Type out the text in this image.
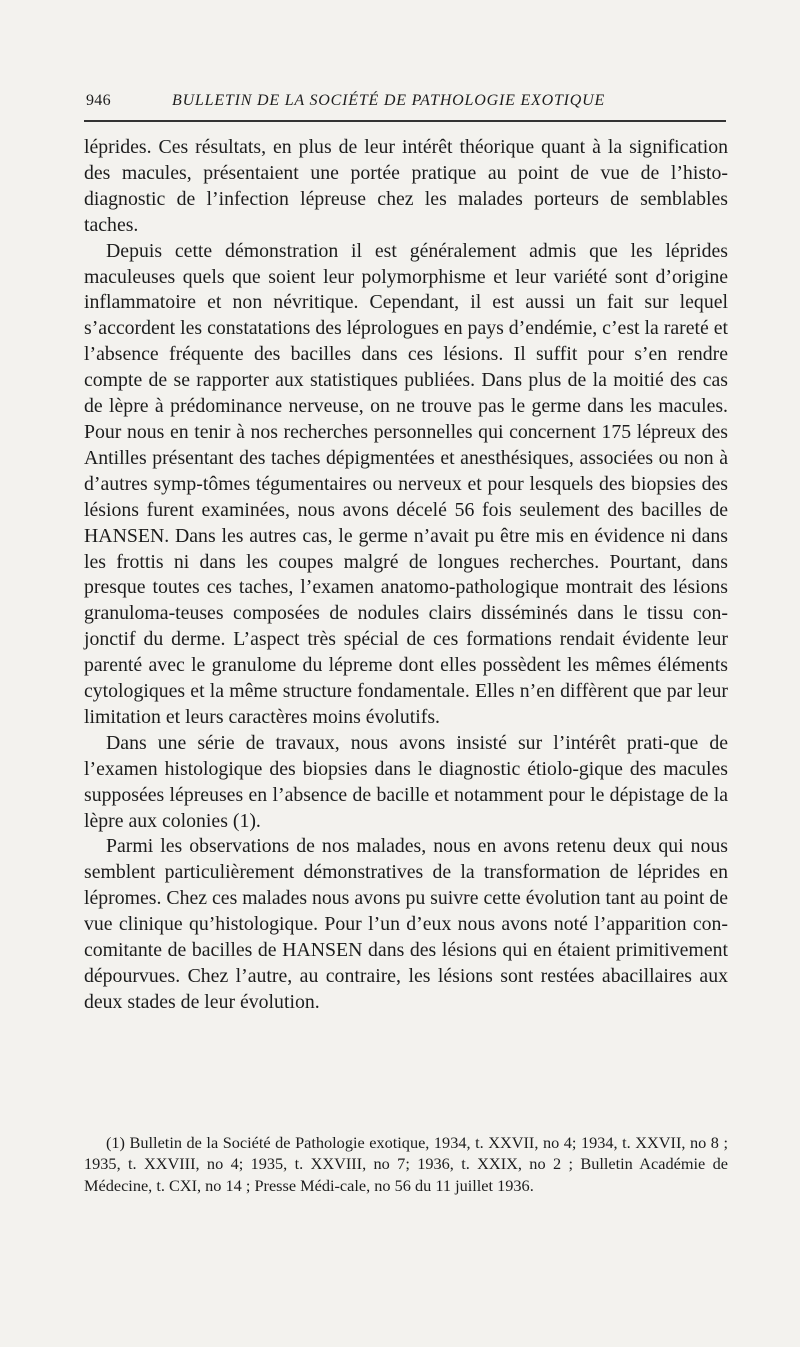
946	BULLETIN DE LA SOCIÉTÉ DE PATHOLOGIE EXOTIQUE

léprides. Ces résultats, en plus de leur intérêt théorique quant à la signification des macules, présentaient une portée pratique au point de vue de l’histo-diagnostic de l’infection lépreuse chez les malades porteurs de semblables taches.

Depuis cette démonstration il est généralement admis que les léprides maculeuses quels que soient leur polymorphisme et leur variété sont d’origine inflammatoire et non névritique. Cependant, il est aussi un fait sur lequel s’accordent les constatations des léprologues en pays d’endémie, c’est la rareté et l’absence fréquente des bacilles dans ces lésions. Il suffit pour s’en rendre compte de se rapporter aux statistiques publiées. Dans plus de la moitié des cas de lèpre à prédominance nerveuse, on ne trouve pas le germe dans les macules. Pour nous en tenir à nos recherches personnelles qui concernent 175 lépreux des Antilles présentant des taches dépigmentées et anesthésiques, associées ou non à d’autres symp-tômes tégumentaires ou nerveux et pour lesquels des biopsies des lésions furent examinées, nous avons décelé 56 fois seulement des bacilles de HANSEN. Dans les autres cas, le germe n’avait pu être mis en évidence ni dans les frottis ni dans les coupes malgré de longues recherches. Pourtant, dans presque toutes ces taches, l’examen anatomo-pathologique montrait des lésions granuloma-teuses composées de nodules clairs disséminés dans le tissu con-jonctif du derme. L’aspect très spécial de ces formations rendait évidente leur parenté avec le granulome du lépreme dont elles possèdent les mêmes éléments cytologiques et la même structure fondamentale. Elles n’en diffèrent que par leur limitation et leurs caractères moins évolutifs.

Dans une série de travaux, nous avons insisté sur l’intérêt prati-que de l’examen histologique des biopsies dans le diagnostic étiolo-gique des macules supposées lépreuses en l’absence de bacille et notamment pour le dépistage de la lèpre aux colonies (1).

Parmi les observations de nos malades, nous en avons retenu deux qui nous semblent particulièrement démonstratives de la transformation de léprides en lépromes. Chez ces malades nous avons pu suivre cette évolution tant au point de vue clinique qu’histologique. Pour l’un d’eux nous avons noté l’apparition con-comitante de bacilles de HANSEN dans des lésions qui en étaient primitivement dépourvues. Chez l’autre, au contraire, les lésions sont restées abacillaires aux deux stades de leur évolution.

(1) Bulletin de la Société de Pathologie exotique, 1934, t. XXVII, no 4; 1934, t. XXVII, no 8 ; 1935, t. XXVIII, no 4; 1935, t. XXVIII, no 7; 1936, t. XXIX, no 2 ; Bulletin Académie de Médecine, t. CXI, no 14 ; Presse Médi-cale, no 56 du 11 juillet 1936.
